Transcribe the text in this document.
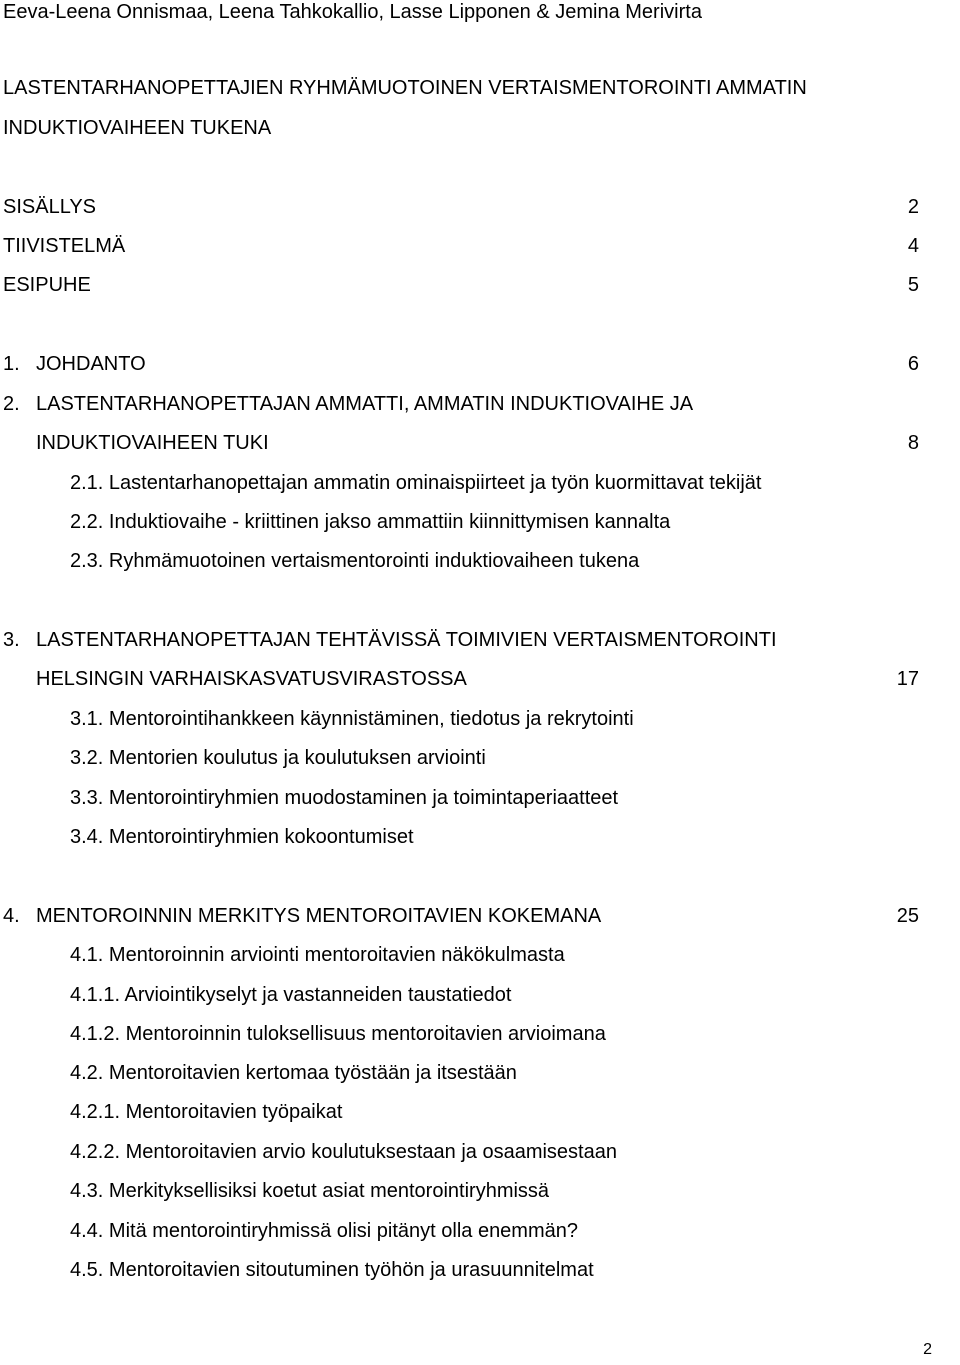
Eeva-Leena Onnismaa, Leena Tahkokallio, Lasse Lipponen & Jemina Merivirta
LASTENTARHANOPETTAJIEN RYHMÄMUOTOINEN VERTAISMENTOROINTI AMMATIN
INDUKTIOVAIHEEN TUKENA
SISÄLLYS	2
TIIVISTELMÄ	4
ESIPUHE	5
1. JOHDANTO	6
2. LASTENTARHANOPETTAJAN AMMATTI, AMMATIN INDUKTIOVAIHE JA
INDUKTIOVAIHEEN TUKI	8
2.1. Lastentarhanopettajan ammatin ominaispiirteet ja työn kuormittavat tekijät
2.2. Induktiovaihe - kriittinen jakso ammattiin kiinnittymisen kannalta
2.3. Ryhmämuotoinen vertaismentorointi induktiovaiheen tukena
3. LASTENTARHANOPETTAJAN TEHTÄVISSÄ TOIMIVIEN VERTAISMENTOROINTI
HELSINGIN VARHAISKASVATUSVIRASTOSSA	17
3.1. Mentorointihankkeen käynnistäminen, tiedotus ja rekrytointi
3.2. Mentorien koulutus ja koulutuksen arviointi
3.3. Mentorointiryhmien muodostaminen ja toimintaperiaatteet
3.4. Mentorointiryhmien kokoontumiset
4. MENTOROINNIN MERKITYS MENTOROITAVIEN KOKEMANA	25
4.1. Mentoroinnin arviointi mentoroitavien näkökulmasta
4.1.1. Arviointikyselyt ja vastanneiden taustatiedot
4.1.2. Mentoroinnin tuloksellisuus mentoroitavien arvioimana
4.2. Mentoroitavien kertomaa työstään ja itsestään
4.2.1. Mentoroitavien työpaikat
4.2.2. Mentoroitavien arvio koulutuksestaan ja osaamisestaan
4.3. Merkityksellisiksi koetut asiat mentorointiryhmissä
4.4. Mitä mentorointiryhmissä olisi pitänyt olla enemmän?
4.5. Mentoroitavien sitoutuminen työhön ja urasuunnitelmat
2
